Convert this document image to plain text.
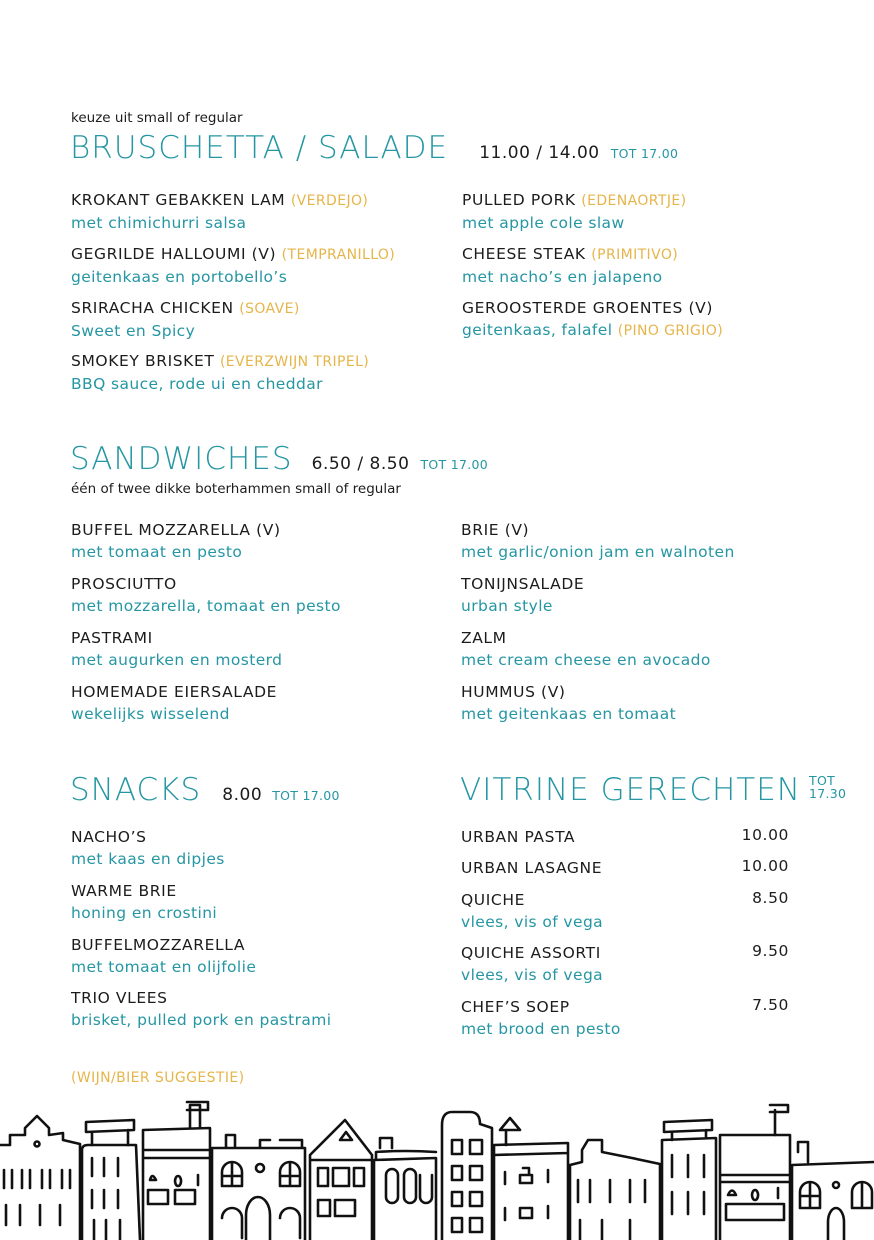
keuze uit small of regular
BRUSCHETTA / SALADE 11.00 / 14.00 TOT 17.00
KROKANT GEBAKKEN LAM (VERDEJO)
met chimichurri salsa
GEGRILDE HALLOUMI (V) (TEMPRANILLO)
geitenkaas en portobello’s
SRIRACHA CHICKEN (SOAVE)
Sweet en Spicy
SMOKEY BRISKET (EVERZWIJN TRIPEL)
BBQ sauce, rode ui en cheddar
PULLED PORK (EDENAORTJE)
met apple cole slaw
CHEESE STEAK (PRIMITIVO)
met nacho’s en jalapeno
GEROOSTERDE GROENTES (V)
geitenkaas, falafel (PINO GRIGIO)
SANDWICHES 6.50 / 8.50 TOT 17.00
één of twee dikke boterhammen small of regular
BUFFEL MOZZARELLA (V)
met tomaat en pesto
PROSCIUTTO
met mozzarella, tomaat en pesto
PASTRAMI
met augurken en mosterd
HOMEMADE EIERSALADE
wekelijks wisselend
BRIE (V)
met garlic/onion jam en walnoten
TONIJNSALADE
urban style
ZALM
met cream cheese en avocado
HUMMUS (V)
met geitenkaas en tomaat
SNACKS 8.00 TOT 17.00
NACHO’S
met kaas en dipjes
WARME BRIE
honing en crostini
BUFFELMOZZARELLA
met tomaat en olijfolie
TRIO VLEES
brisket, pulled pork en pastrami
VITRINE GERECHTEN TOT
17.30
URBAN PASTA	10.00
URBAN LASAGNE	10.00
QUICHE
vlees, vis of vega
8.50
QUICHE ASSORTI
vlees, vis of vega
9.50
CHEF’S SOEP
met brood en pesto
7.50
(WIJN/BIER SUGGESTIE)
